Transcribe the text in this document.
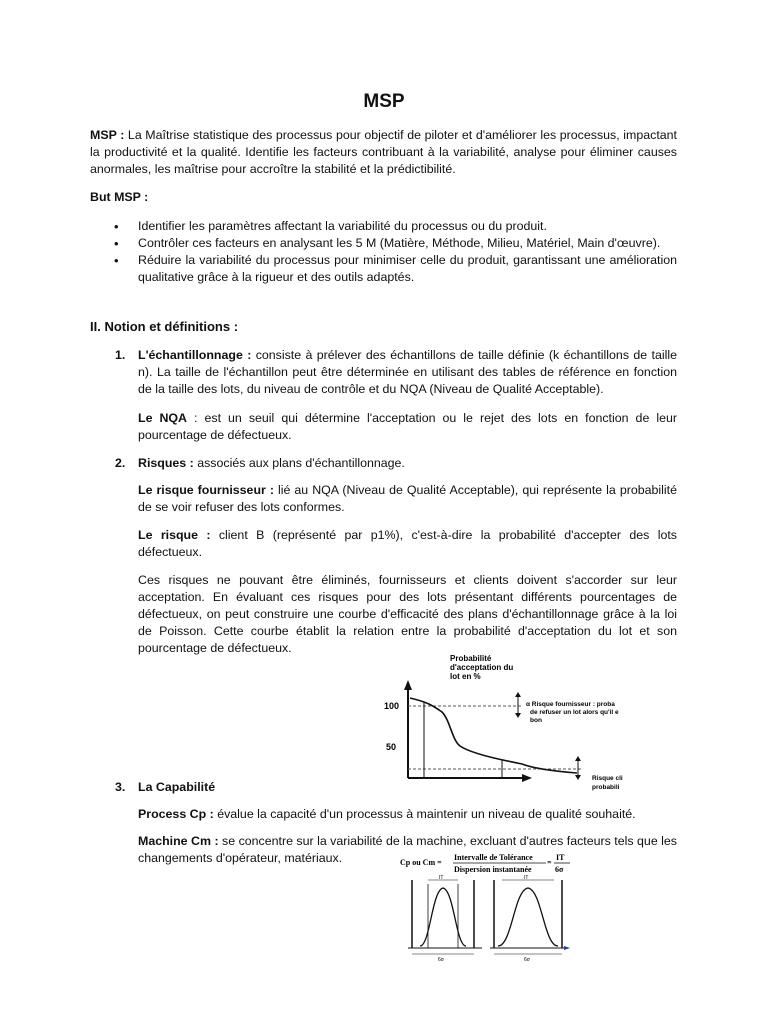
MSP
MSP : La Maîtrise statistique des processus pour objectif de piloter et d'améliorer les processus, impactant la productivité et la qualité. Identifie les facteurs contribuant à la variabilité, analyse pour éliminer causes anormales, les maîtrise pour accroître la stabilité et la prédictibilité.
But MSP :
• Identifier les paramètres affectant la variabilité du processus ou du produit.
• Contrôler ces facteurs en analysant les 5 M (Matière, Méthode, Milieu, Matériel, Main d'œuvre).
• Réduire la variabilité du processus pour minimiser celle du produit, garantissant une amélioration qualitative grâce à la rigueur et des outils adaptés.
II. Notion et définitions :
1. L'échantillonnage : consiste à prélever des échantillons de taille définie (k échantillons de taille n). La taille de l'échantillon peut être déterminée en utilisant des tables de référence en fonction de la taille des lots, du niveau de contrôle et du NQA (Niveau de Qualité Acceptable).
Le NQA : est un seuil qui détermine l'acceptation ou le rejet des lots en fonction de leur pourcentage de défectueux.
2. Risques : associés aux plans d'échantillonnage.
Le risque fournisseur : lié au NQA (Niveau de Qualité Acceptable), qui représente la probabilité de se voir refuser des lots conformes.
Le risque : client B (représenté par p1%), c'est-à-dire la probabilité d'accepter des lots défectueux.
Ces risques ne pouvant être éliminés, fournisseurs et clients doivent s'accorder sur leur acceptation. En évaluant ces risques pour des lots présentant différents pourcentages de défectueux, on peut construire une courbe d'efficacité des plans d'échantillonnage grâce à la loi de Poisson. Cette courbe établit la relation entre la probabilité d'acceptation du lot et son pourcentage de défectueux.
Probabilité
d'acceptation du
lot en %
100
50
α Risque fournisseur : proba
de refuser un lot alors qu'il e
bon
Risque cli
probabili
3. La Capabilité
Process Cp : évalue la capacité d'un processus à maintenir un niveau de qualité souhaité.
Machine Cm : se concentre sur la variabilité de la machine, excluant d'autres facteurs tels que les changements d'opérateur, matériaux.	Cp ou Cm =
Intervalle de Tolérance
Dispersion instantanée
=
IT
6σ
IT
6σ
IT
6σ
